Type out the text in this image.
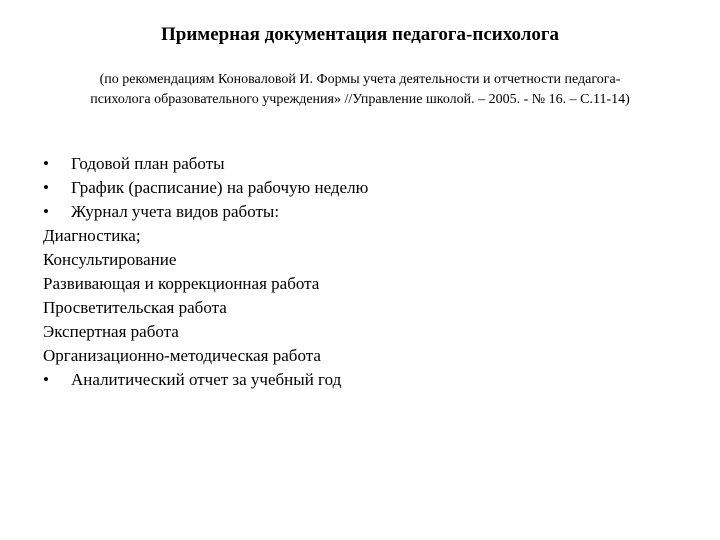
Примерная документация педагога-психолога
(по рекомендациям Коноваловой И. Формы учета деятельности и отчетности педагога-
психолога образовательного учреждения» //Управление школой. – 2005. - № 16. – С.11-14)
• Годовой план работы
• График (расписание) на рабочую неделю
• Журнал учета видов работы:
Диагностика;
Консультирование
Развивающая и коррекционная работа
Просветительская работа
Экспертная работа
Организационно-методическая работа
• Аналитический отчет за учебный год
